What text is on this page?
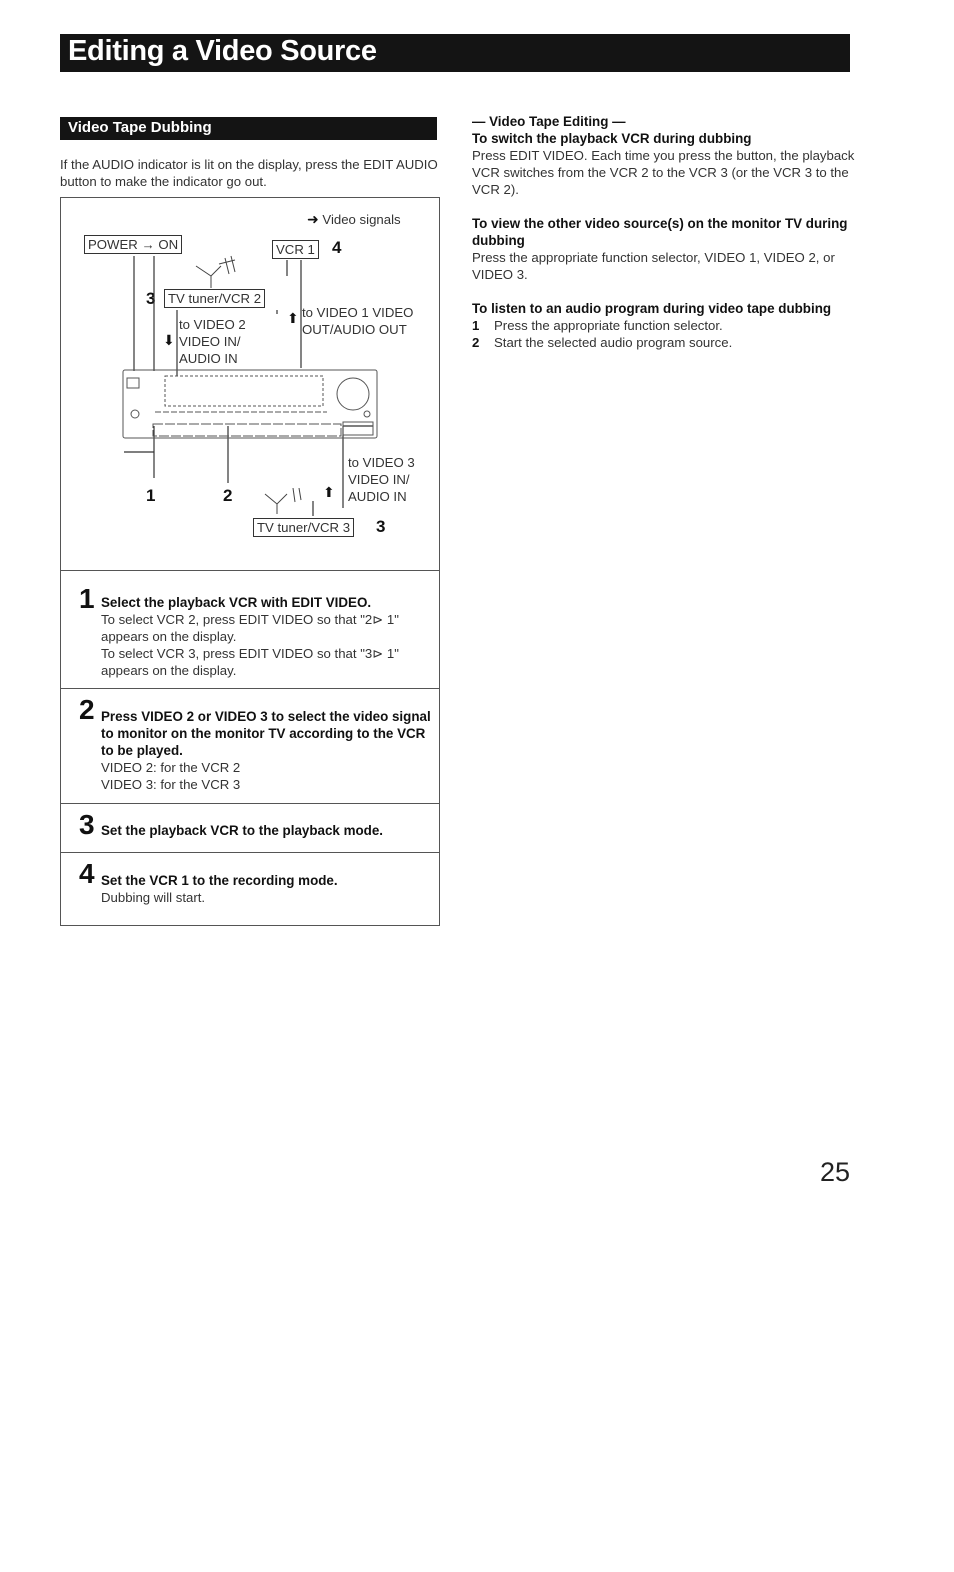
Editing a Video Source
Video Tape Dubbing
If the AUDIO indicator is lit on the display, press the EDIT AUDIO button to make the indicator go out.
➜ Video signals
POWER → ON	VCR 1 4
3 TV tuner/VCR 2
to VIDEO 2
VIDEO IN/
AUDIO IN
⬇
⬆ to VIDEO 1 VIDEO
OUT/AUDIO OUT
to VIDEO 3
VIDEO IN/
AUDIO IN
⬆
1	2
TV tuner/VCR 3 3
1 Select the playback VCR with EDIT VIDEO.
To select VCR 2, press EDIT VIDEO so that "2⊳ 1"
appears on the display.
To select VCR 3, press EDIT VIDEO so that "3⊳ 1"
appears on the display.
2 Press VIDEO 2 or VIDEO 3 to select the video signal to monitor on the monitor TV according to the VCR to be played.
VIDEO 2: for the VCR 2
VIDEO 3: for the VCR 3
3 Set the playback VCR to the playback mode.
4 Set the VCR 1 to the recording mode.
Dubbing will start.
— Video Tape Editing —
To switch the playback VCR during dubbing
Press EDIT VIDEO. Each time you press the button, the playback VCR switches from the VCR 2 to the VCR 3 (or the VCR 3 to the VCR 2).
To view the other video source(s) on the monitor TV during dubbing
Press the appropriate function selector, VIDEO 1, VIDEO 2, or VIDEO 3.
To listen to an audio program during video tape dubbing
1 Press the appropriate function selector.
2 Start the selected audio program source.
25
